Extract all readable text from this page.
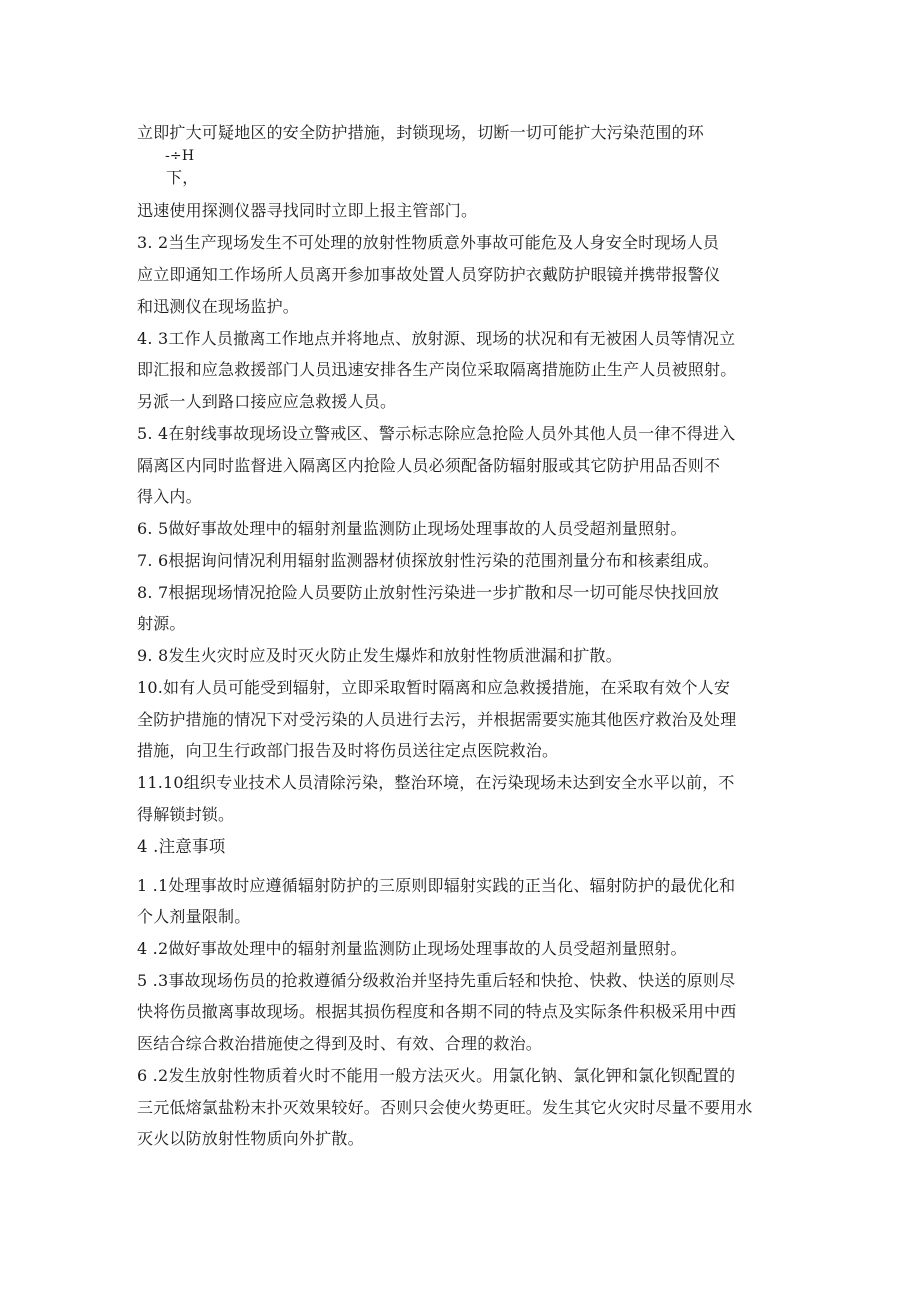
立即扩大可疑地区的安全防护措施，封锁现场，切断一切可能扩大污染范围的环
-÷H
下，
迅速使用探测仪器寻找同时立即上报主管部门。
3. 2当生产现场发生不可处理的放射性物质意外事故可能危及人身安全时现场人员
应立即通知工作场所人员离开参加事故处置人员穿防护衣戴防护眼镜并携带报警仪
和迅测仪在现场监护。
4. 3工作人员撤离工作地点并将地点、放射源、现场的状况和有无被困人员等情况立
即汇报和应急救援部门人员迅速安排各生产岗位采取隔离措施防止生产人员被照射。
另派一人到路口接应应急救援人员。
5. 4在射线事故现场设立警戒区、警示标志除应急抢险人员外其他人员一律不得进入
隔离区内同时监督进入隔离区内抢险人员必须配备防辐射服或其它防护用品否则不
得入内。
6. 5做好事故处理中的辐射剂量监测防止现场处理事故的人员受超剂量照射。
7. 6根据询问情况利用辐射监测器材侦探放射性污染的范围剂量分布和核素组成。
8. 7根据现场情况抢险人员要防止放射性污染进一步扩散和尽一切可能尽快找回放
射源。
9. 8发生火灾时应及时灭火防止发生爆炸和放射性物质泄漏和扩散。
10.如有人员可能受到辐射，立即采取暂时隔离和应急救援措施，在采取有效个人安
全防护措施的情况下对受污染的人员进行去污，并根据需要实施其他医疗救治及处理
措施，向卫生行政部门报告及时将伤员送往定点医院救治。
11.10组织专业技术人员清除污染，整治环境，在污染现场未达到安全水平以前，不
得解锁封锁。
4 .注意事项
1 .1处理事故时应遵循辐射防护的三原则即辐射实践的正当化、辐射防护的最优化和
个人剂量限制。
4 .2做好事故处理中的辐射剂量监测防止现场处理事故的人员受超剂量照射。
5 .3事故现场伤员的抢救遵循分级救治并坚持先重后轻和快抢、快救、快送的原则尽
快将伤员撤离事故现场。根据其损伤程度和各期不同的特点及实际条件积极采用中西
医结合综合救治措施使之得到及时、有效、合理的救治。
6 .2发生放射性物质着火时不能用一般方法灭火。用氯化钠、氯化钾和氯化钡配置的
三元低熔氯盐粉末扑灭效果较好。否则只会使火势更旺。发生其它火灾时尽量不要用水
灭火以防放射性物质向外扩散。
